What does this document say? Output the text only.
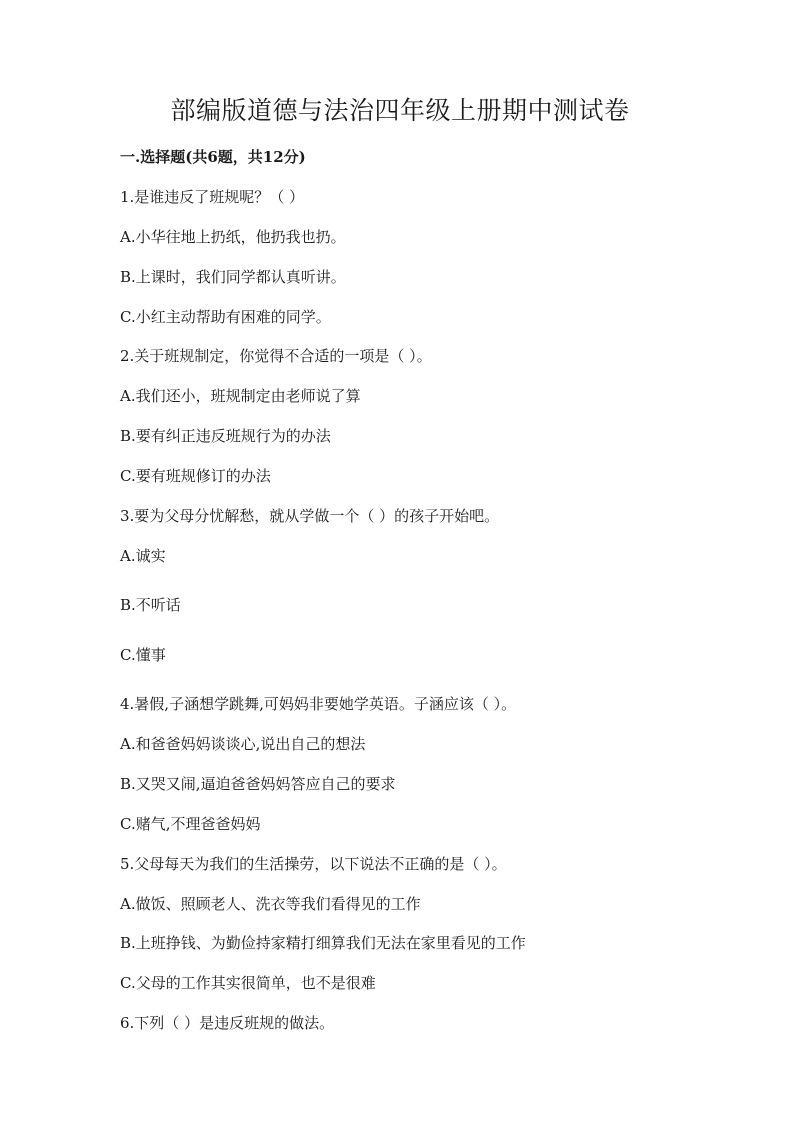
部编版道德与法治四年级上册期中测试卷
一.选择题(共6题，共12分)
1.是谁违反了班规呢？（ ）
A.小华往地上扔纸，他扔我也扔。
B.上课时，我们同学都认真听讲。
C.小红主动帮助有困难的同学。
2.关于班规制定，你觉得不合适的一项是（ ）。
A.我们还小，班规制定由老师说了算
B.要有纠正违反班规行为的办法
C.要有班规修订的办法
3.要为父母分忧解愁，就从学做一个（ ）的孩子开始吧。
A.诚实
B.不听话
C.懂事
4.暑假,子涵想学跳舞,可妈妈非要她学英语。子涵应该（ ）。
A.和爸爸妈妈谈谈心,说出自己的想法
B.又哭又闹,逼迫爸爸妈妈答应自己的要求
C.赌气,不理爸爸妈妈
5.父母每天为我们的生活操劳，以下说法不正确的是（ ）。
A.做饭、照顾老人、洗衣等我们看得见的工作
B.上班挣钱、为勤俭持家精打细算我们无法在家里看见的工作
C.父母的工作其实很简单，也不是很难
6.下列（ ）是违反班规的做法。
